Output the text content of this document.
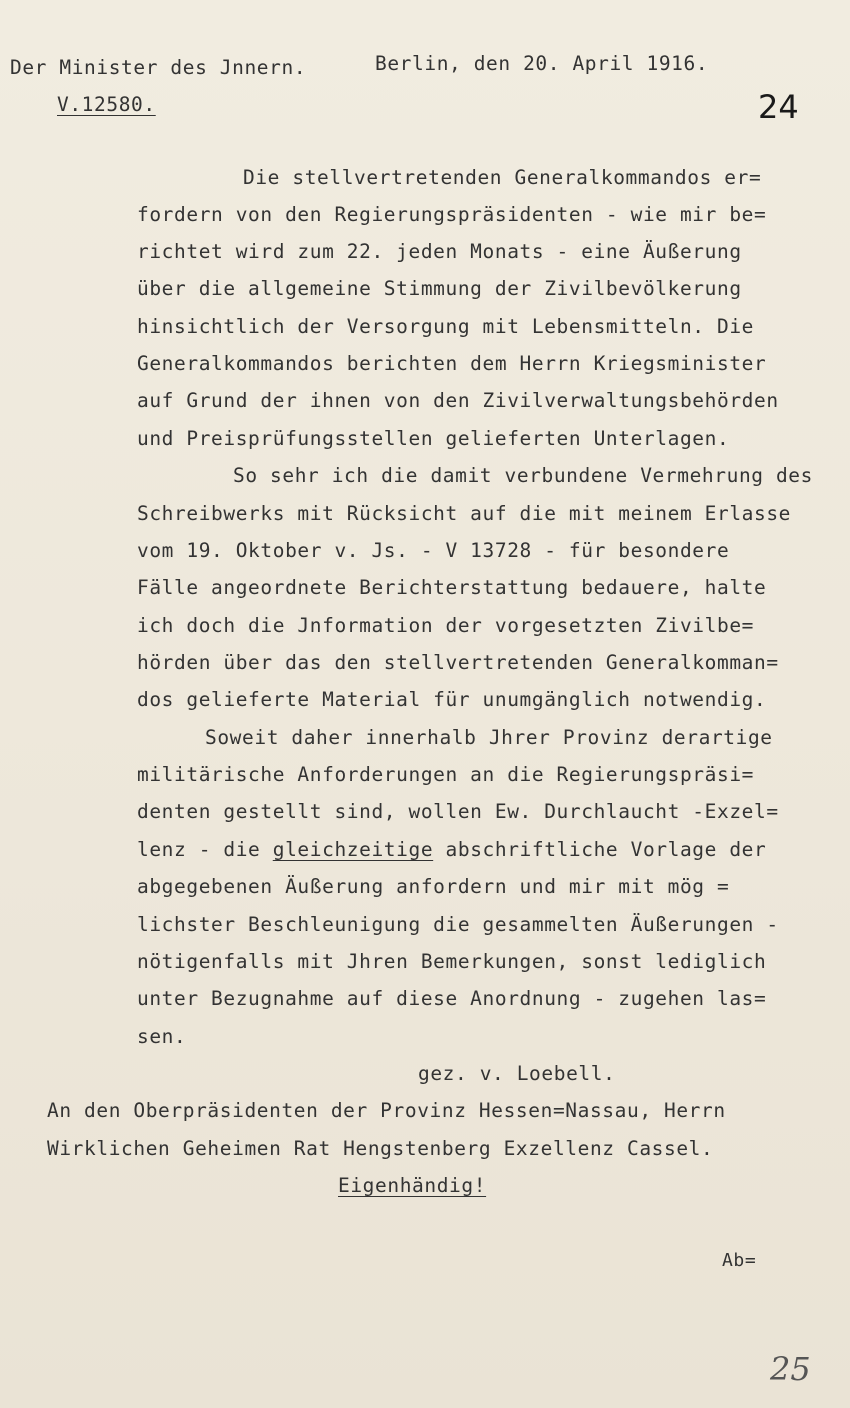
Der Minister des Jnnern.	Berlin, den 20. April 1916.
V.12580.	24
Die stellvertretenden Generalkommandos er=
fordern von den Regierungspräsidenten - wie mir be=
richtet wird zum 22. jeden Monats - eine Äußerung
über die allgemeine Stimmung der Zivilbevölkerung
hinsichtlich der Versorgung mit Lebensmitteln. Die
Generalkommandos berichten dem Herrn Kriegsminister
auf Grund der ihnen von den Zivilverwaltungsbehörden
und Preisprüfungsstellen gelieferten Unterlagen.
So sehr ich die damit verbundene Vermehrung des
Schreibwerks mit Rücksicht auf die mit meinem Erlasse
vom 19. Oktober v. Js. - V 13728 - für besondere
Fälle angeordnete Berichterstattung bedauere, halte
ich doch die Jnformation der vorgesetzten Zivilbe=
hörden über das den stellvertretenden Generalkomman=
dos gelieferte Material für unumgänglich notwendig.
Soweit daher innerhalb Jhrer Provinz derartige
militärische Anforderungen an die Regierungspräsi=
denten gestellt sind, wollen Ew. Durchlaucht -Exzel=
lenz - die gleichzeitige abschriftliche Vorlage der
abgegebenen Äußerung anfordern und mir mit mög =
lichster Beschleunigung die gesammelten Äußerungen -
nötigenfalls mit Jhren Bemerkungen, sonst lediglich
unter Bezugnahme auf diese Anordnung - zugehen las=
sen.
gez. v. Loebell.
An den Oberpräsidenten der Provinz Hessen=Nassau, Herrn
Wirklichen Geheimen Rat Hengstenberg Exzellenz Cassel.
Eigenhändig!
Ab=
25
